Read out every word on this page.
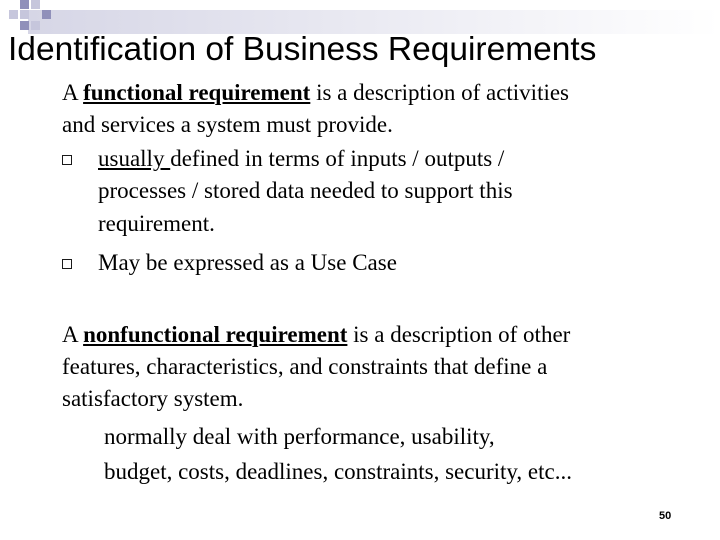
Identification of Business Requirements
A functional requirement is a description of activities
and services a system must provide.
usually defined in terms of inputs / outputs /
processes / stored data needed to support this
requirement.
May be expressed as a Use Case
A nonfunctional requirement is a description of other
features, characteristics, and constraints that define a
satisfactory system.
normally deal with performance, usability,
budget, costs, deadlines, constraints, security, etc...
50
